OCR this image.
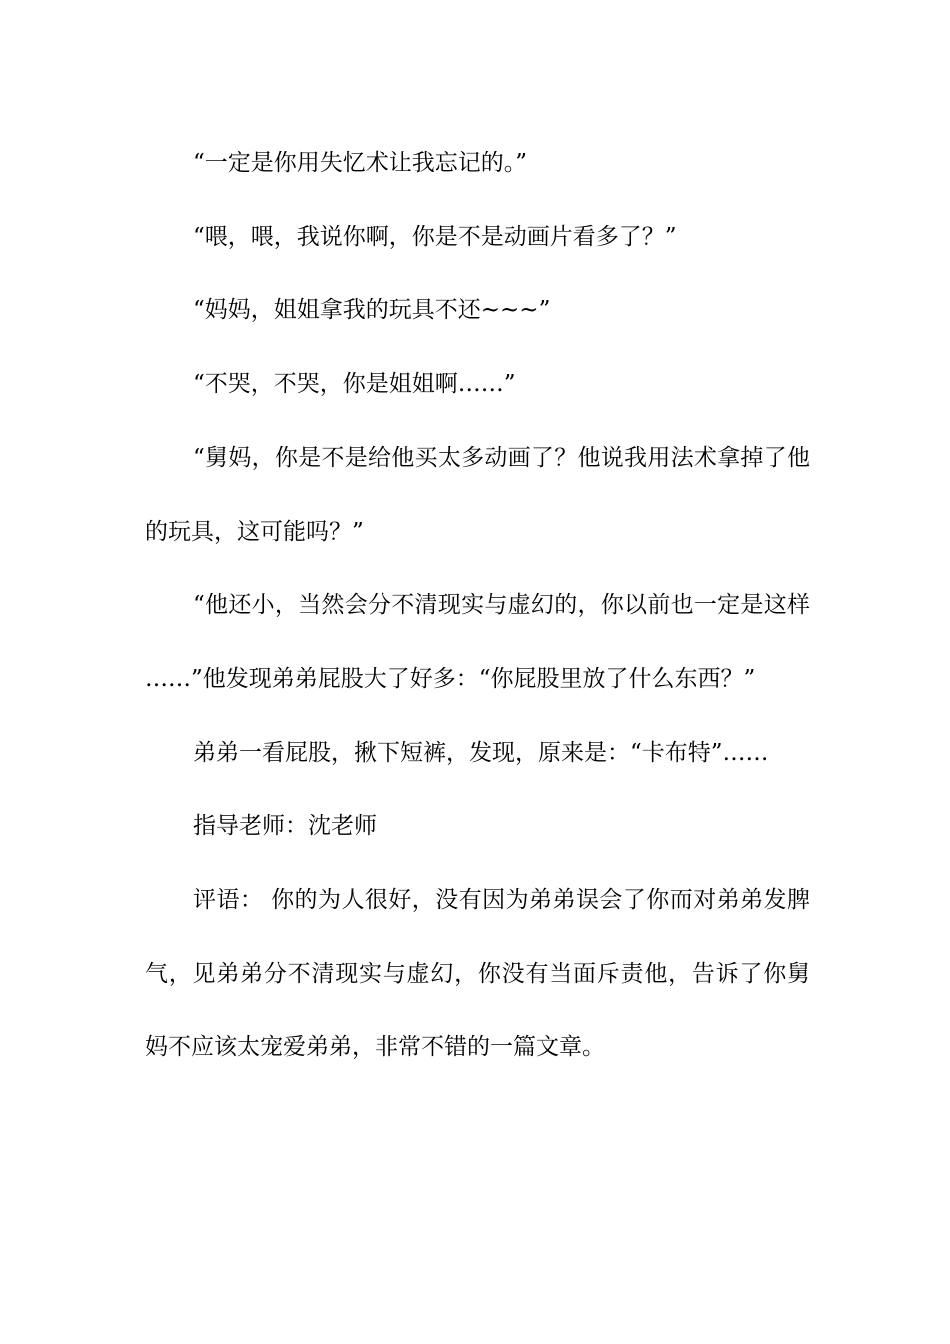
“一定是你用失忆术让我忘记的。”

“喂，喂，我说你啊，你是不是动画片看多了？”

“妈妈，姐姐拿我的玩具不还~~~”

“不哭，不哭，你是姐姐啊……”

“舅妈，你是不是给他买太多动画了？他说我用法术拿掉了他的玩具，这可能吗？”

“他还小，当然会分不清现实与虚幻的，你以前也一定是这样……”他发现弟弟屁股大了好多：“你屁股里放了什么东西？”

弟弟一看屁股，揪下短裤，发现，原来是：“卡布特”……

指导老师：沈老师

评语： 你的为人很好，没有因为弟弟误会了你而对弟弟发脾气，见弟弟分不清现实与虚幻，你没有当面斥责他，告诉了你舅妈不应该太宠爱弟弟，非常不错的一篇文章。
